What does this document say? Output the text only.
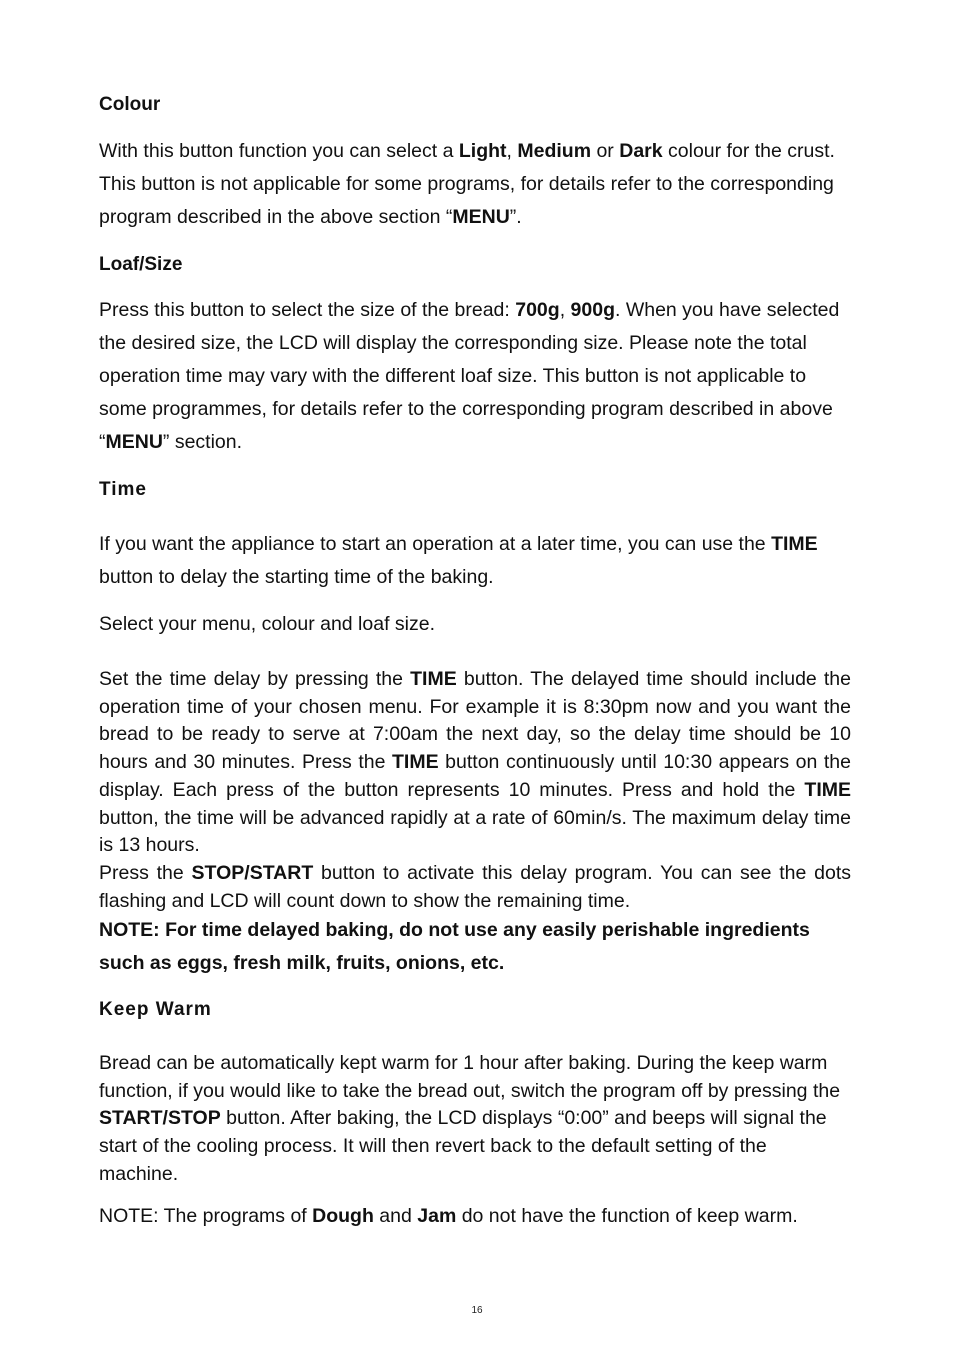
Colour

With this button function you can select a Light, Medium or Dark colour for the crust. This button is not applicable for some programs, for details refer to the corresponding program described in the above section “MENU”.

Loaf/Size

Press this button to select the size of the bread: 700g, 900g. When you have selected the desired size, the LCD will display the corresponding size. Please note the total operation time may vary with the different loaf size. This button is not applicable to some programmes, for details refer to the corresponding program described in above “MENU” section.

Time

If you want the appliance to start an operation at a later time, you can use the TIME button to delay the starting time of the baking.

Select your menu, colour and loaf size.

Set the time delay by pressing the TIME button. The delayed time should include the operation time of your chosen menu. For example it is 8:30pm now and you want the bread to be ready to serve at 7:00am the next day, so the delay time should be 10 hours and 30 minutes. Press the TIME button continuously until 10:30 appears on the display. Each press of the button represents 10 minutes. Press and hold the TIME button, the time will be advanced rapidly at a rate of 60min/s. The maximum delay time is 13 hours.

Press the STOP/START button to activate this delay program. You can see the dots flashing and LCD will count down to show the remaining time.

NOTE: For time delayed baking, do not use any easily perishable ingredients such as eggs, fresh milk, fruits, onions, etc.

Keep Warm

Bread can be automatically kept warm for 1 hour after baking. During the keep warm function, if you would like to take the bread out, switch the program off by pressing the START/STOP button. After baking, the LCD displays “0:00” and beeps will signal the start of the cooling process. It will then revert back to the default setting of the machine.

NOTE: The programs of Dough and Jam do not have the function of keep warm.

16
